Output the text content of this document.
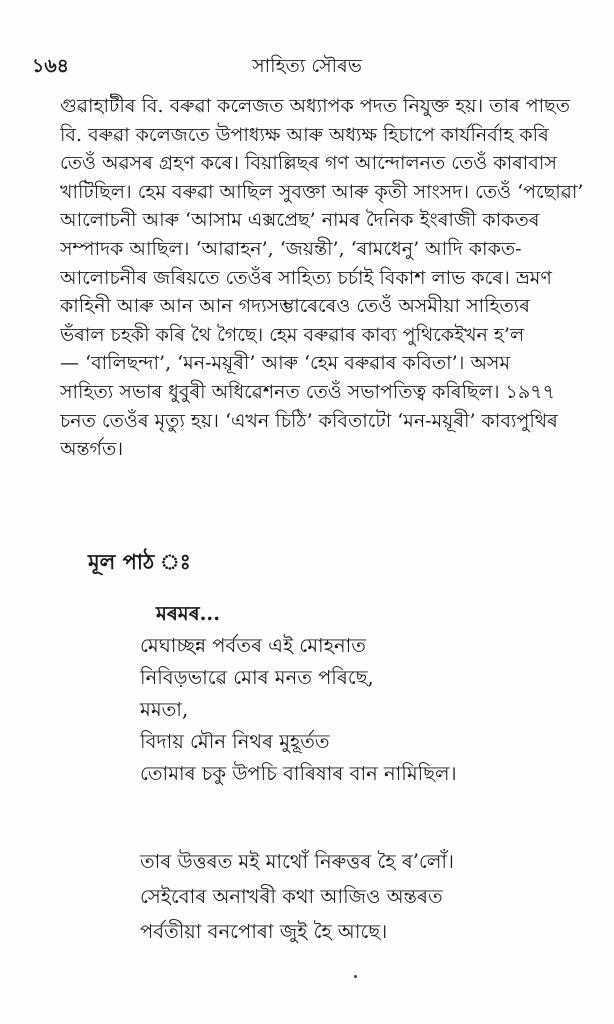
১৬৪	সাহিত্য সৌৰভ
গুৱাহাটীৰ বি. বৰুৱা কলেজত অধ্যাপক পদত নিযুক্ত হয়। তাৰ পাছত
বি. বৰুৱা কলেজতে উপাধ্যক্ষ আৰু অধ্যক্ষ হিচাপে কাৰ্যনিৰ্বাহ কৰি
তেওঁ অৱসৰ গ্ৰহণ কৰে। বিয়াল্লিছৰ গণ আন্দোলনত তেওঁ কাৰাবাস
খাটিছিল। হেম বৰুৱা আছিল সুবক্তা আৰু কৃতী সাংসদ। তেওঁ ‘পছোৱা’
আলোচনী আৰু ‘আসাম এক্সপ্ৰেছ’ নামৰ দৈনিক ইংৰাজী কাকতৰ
সম্পাদক আছিল। ‘আৱাহন’, ‘জয়ন্তী’, ‘ৰামধেনু’ আদি কাকত-
আলোচনীৰ জৰিয়তে তেওঁৰ সাহিত্য চৰ্চাই বিকাশ লাভ কৰে। ভ্ৰমণ
কাহিনী আৰু আন আন গদ্যসম্ভাৰেৰেও তেওঁ অসমীয়া সাহিত্যৰ
ভঁৰাল চহকী কৰি থৈ গৈছে। হেম বৰুৱাৰ কাব্য পুথিকেইখন হ’ল
— ‘বালিছন্দা’, ‘মন-ময়ূৰী’ আৰু ‘হেম বৰুৱাৰ কবিতা’। অসম
সাহিত্য সভাৰ ধুবুৰী অধিৱেশনত তেওঁ সভাপতিত্ব কৰিছিল। ১৯৭৭
চনত তেওঁৰ মৃত্যু হয়। ‘এখন চিঠি’ কবিতাটো ‘মন-ময়ূৰী’ কাব্যপুথিৰ
অন্তৰ্গত।
মূল পাঠ ঃ
মৰমৰ...
মেঘাচ্ছন্ন পৰ্বতৰ এই মোহনাত
নিবিড়ভাৱে মোৰ মনত পৰিছে,
মমতা,
বিদায় মৌন নিথৰ মুহূৰ্তত
তোমাৰ চকু উপচি বাৰিষাৰ বান নামিছিল।
তাৰ উত্তৰত মই মাথোঁ নিৰুত্তৰ হৈ ৰ’লোঁ।
সেইবোৰ অনাখৰী কথা আজিও অন্তৰত
পৰ্বতীয়া বনপোৰা জুই হৈ আছে।
